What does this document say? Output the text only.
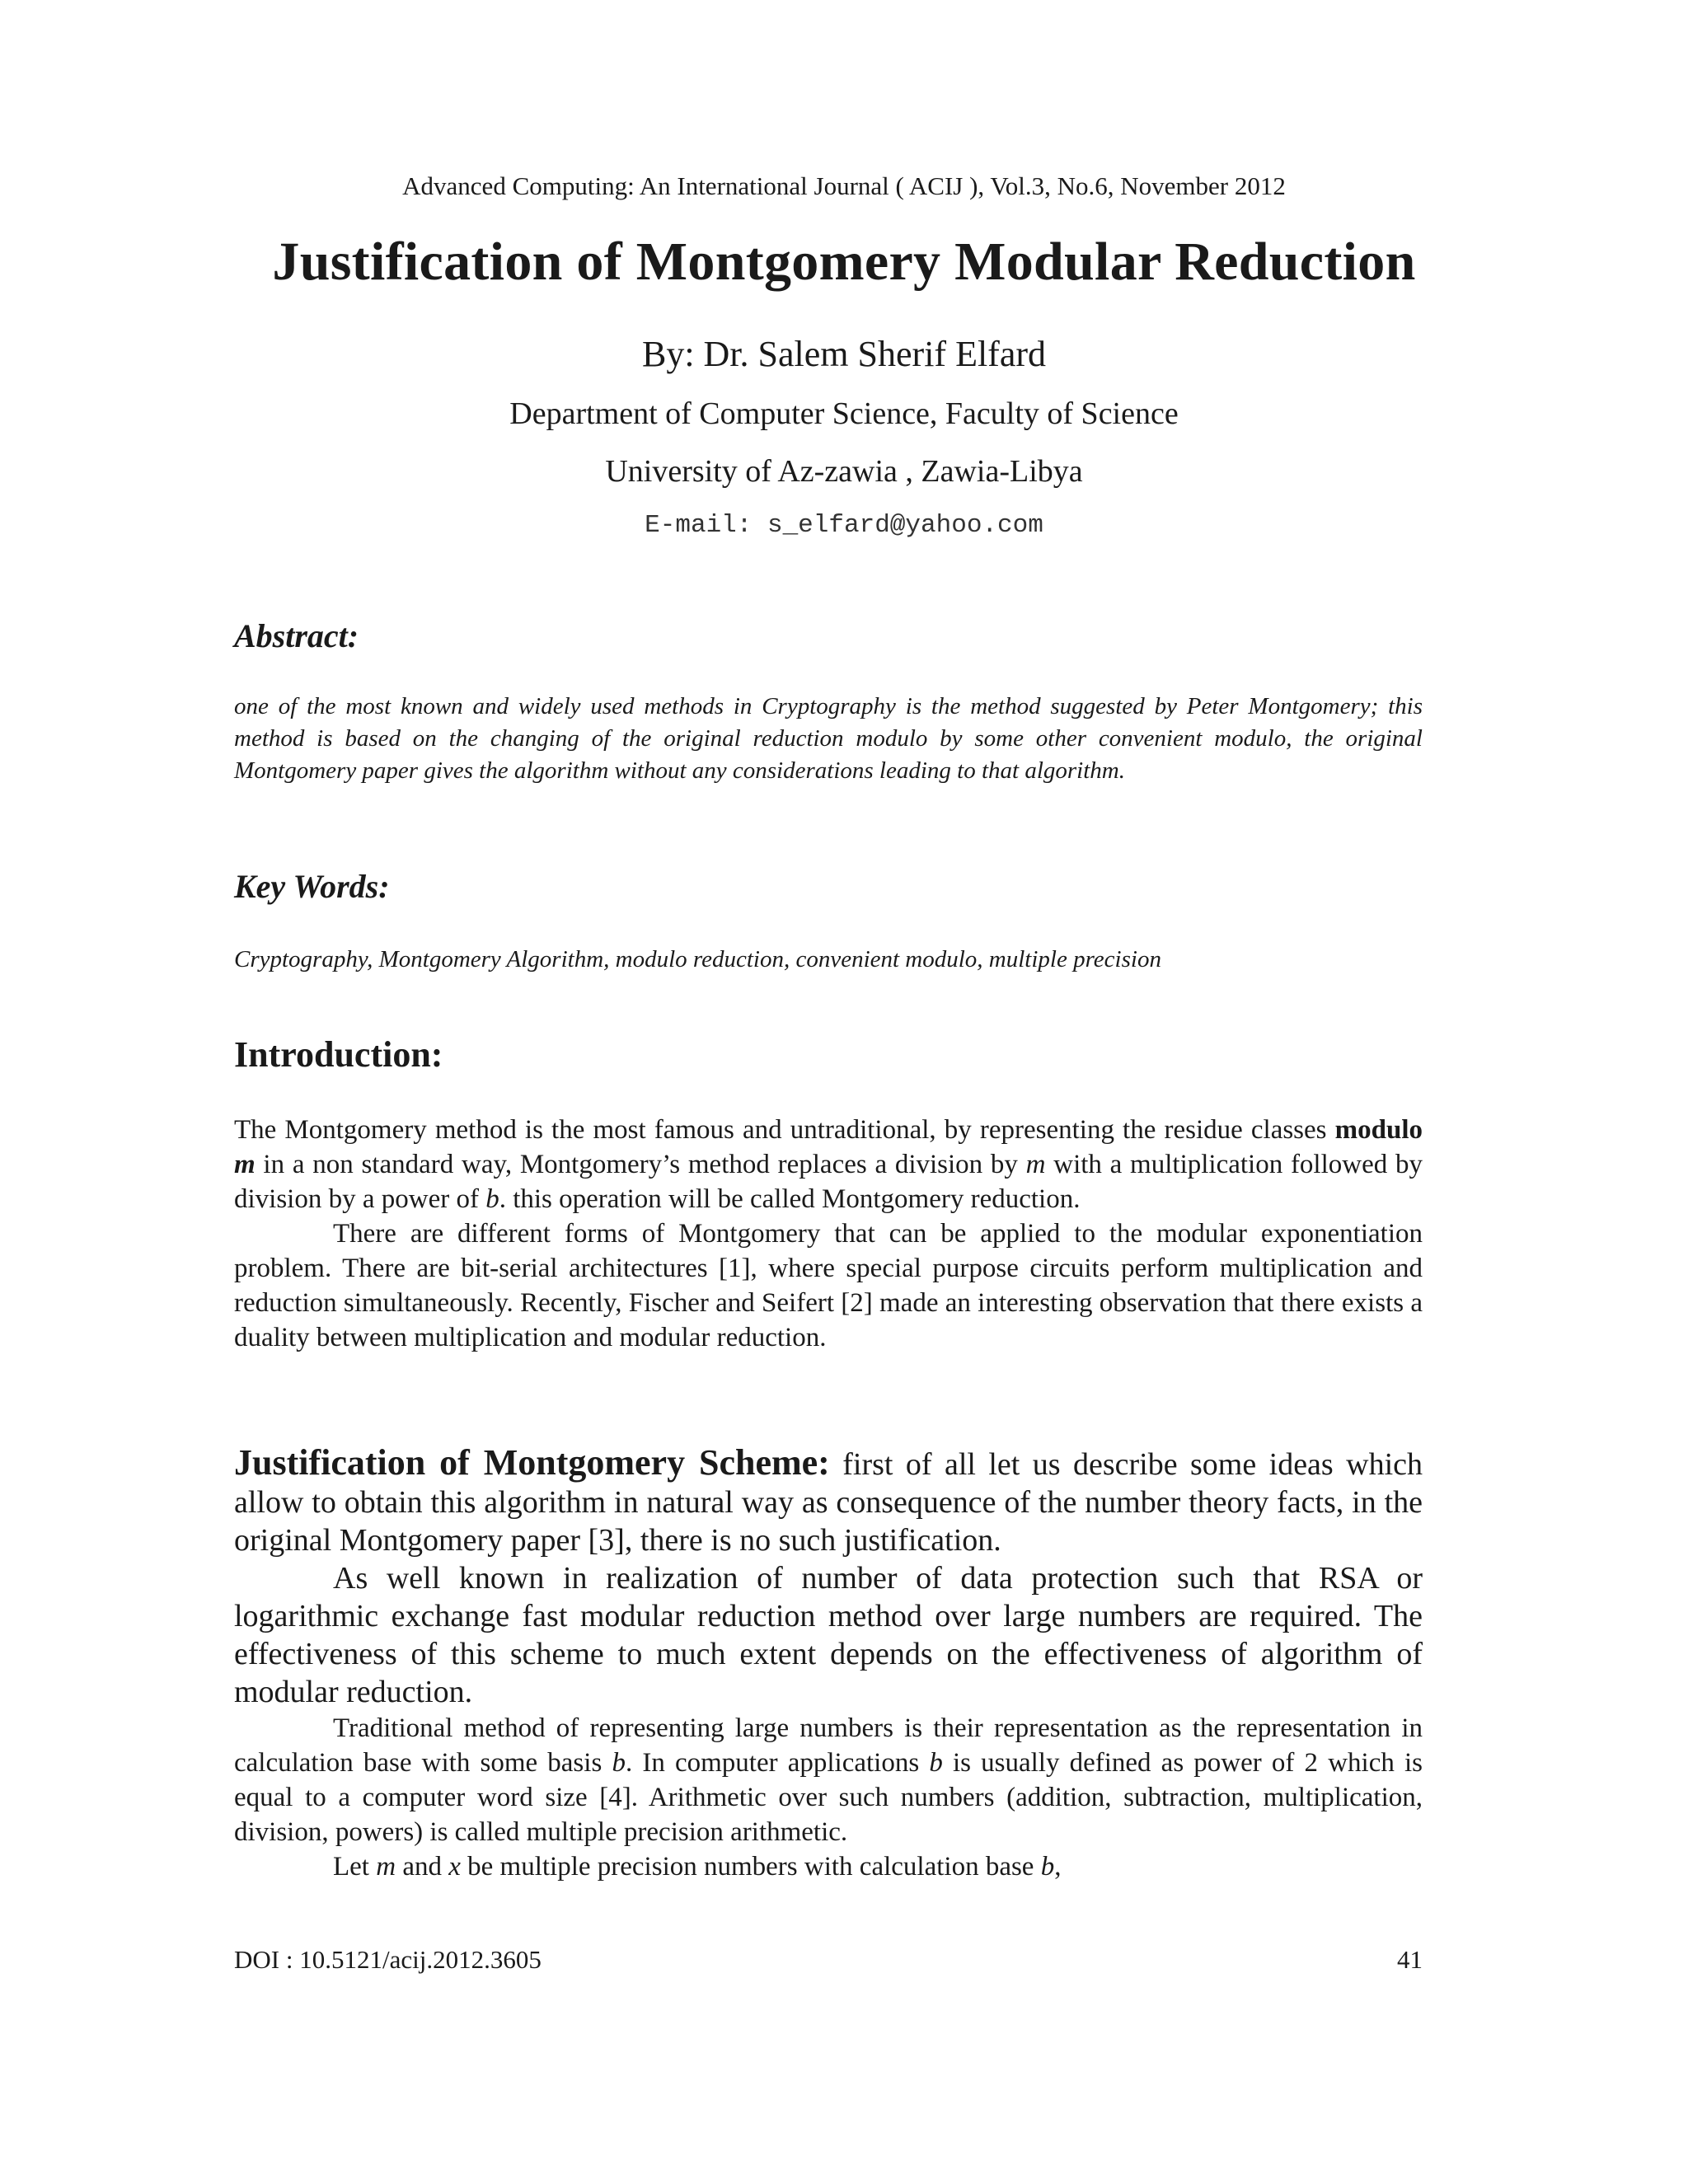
Advanced Computing: An International Journal ( ACIJ ), Vol.3, No.6, November 2012
Justification of Montgomery Modular Reduction
By: Dr. Salem Sherif Elfard
Department of Computer Science, Faculty of Science
University of Az-zawia , Zawia-Libya
E-mail: s_elfard@yahoo.com
Abstract:

one of the most known and widely used methods in Cryptography is the method suggested by Peter Montgomery; this method is based on the changing of the original reduction modulo by some other convenient modulo, the original Montgomery paper gives the algorithm without any considerations leading to that algorithm.

Key Words:

Cryptography, Montgomery Algorithm, modulo reduction, convenient modulo, multiple precision

Introduction:

The Montgomery method is the most famous and untraditional, by representing the residue classes modulo m in a non standard way, Montgomery’s method replaces a division by m with a multiplication followed by division by a power of b. this operation will be called Montgomery reduction.

There are different forms of Montgomery that can be applied to the modular exponentiation problem. There are bit-serial architectures [1], where special purpose circuits perform multiplication and reduction simultaneously. Recently, Fischer and Seifert [2] made an interesting observation that there exists a duality between multiplication and modular reduction.

Justification of Montgomery Scheme: first of all let us describe some ideas which allow to obtain this algorithm in natural way as consequence of the number theory facts, in the original Montgomery paper [3], there is no such justification.

As well known in realization of number of data protection such that RSA or logarithmic exchange fast modular reduction method over large numbers are required. The effectiveness of this scheme to much extent depends on the effectiveness of algorithm of modular reduction.

Traditional method of representing large numbers is their representation as the representation in calculation base with some basis b. In computer applications b is usually defined as power of 2 which is equal to a computer word size [4]. Arithmetic over such numbers (addition, subtraction, multiplication, division, powers) is called multiple precision arithmetic.

Let m and x be multiple precision numbers with calculation base b,

DOI : 10.5121/acij.2012.3605	41
